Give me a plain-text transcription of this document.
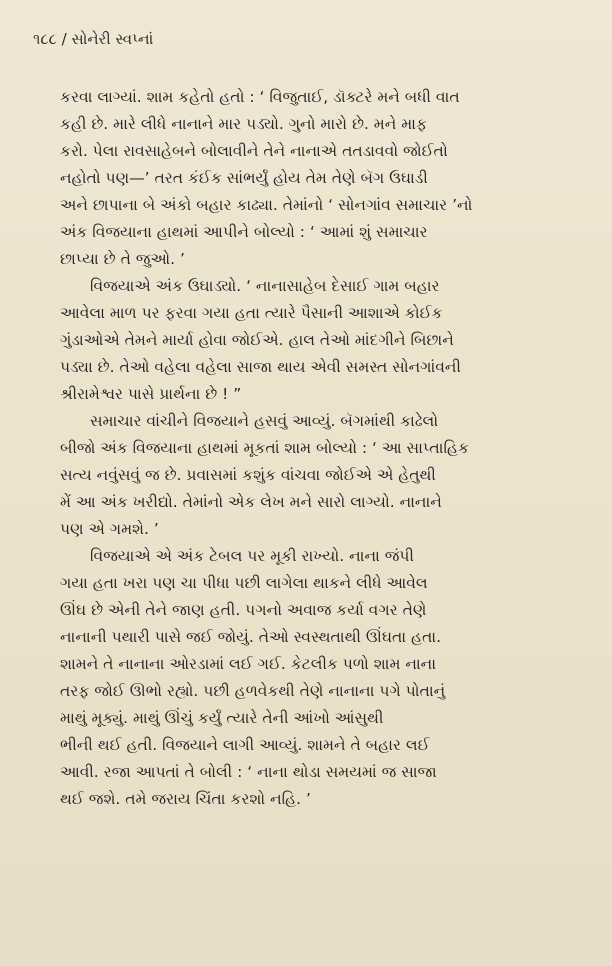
૧૮૮ / સોનેરી સ્વપ્નાં
કરવા લાગ્યાં. શામ કહેતો હતો : ‘ વિજુતાઈ, ડૉક્ટરે મને બધી વાત
કહી છે. મારે લીધે નાનાને માર પડ્યો. ગુનો મારો છે. મને માફ
કરો. પેલા રાવસાહેબને બોલાવીને તેને નાનાએ તતડાવવો જોઈતો
નહોતો પણ—’ તરત કંઈક સાંભર્યું હોય તેમ તેણે બૅગ ઉઘાડી
અને છાપાના બે અંકો બહાર કાઢ્યા. તેમાંનો ‘ સોનગાંવ સમાચાર ’નો
અંક વિજયાના હાથમાં આપીને બોલ્યો : ‘ આમાં શું સમાચાર
છાપ્યા છે તે જુઓ. ’
વિજયાએ અંક ઉઘાડ્યો. ‘ નાનાસાહેબ દેસાઈ ગામ બહાર
આવેલા માળ પર ફરવા ગયા હતા ત્યારે પૈસાની આશાએ કોઈક
ગુંડાઓએ તેમને માર્યા હોવા જોઈએ. હાલ તેઓ માંદગીને બિછાને
પડ્યા છે. તેઓ વહેલા વહેલા સાજા થાય એવી સમસ્ત સોનગાંવની
શ્રીરામેશ્વર પાસે પ્રાર્થના છે ! ”
સમાચાર વાંચીને વિજયાને હસવું આવ્યું. બૅગમાંથી કાઢેલો
બીજો અંક વિજયાના હાથમાં મૂકતાં શામ બોલ્યો : ‘ આ સાપ્તાહિક
સત્ય નવુંસવું જ છે. પ્રવાસમાં કશુંક વાંચવા જોઈએ એ હેતુથી
મેં આ અંક ખરીદ્યો. તેમાંનો એક લેખ મને સારો લાગ્યો. નાનાને
પણ એ ગમશે. ’
વિજયાએ એ અંક ટેબલ પર મૂકી રાખ્યો. નાના જંપી
ગયા હતા ખરા પણ ચા પીધા પછી લાગેલા થાકને લીધે આવેલ
ઊંઘ છે એની તેને જાણ હતી. પગનો અવાજ કર્યા વગર તેણે
નાનાની પથારી પાસે જઈ જોયું. તેઓ સ્વસ્થતાથી ઊંઘતા હતા.
શામને તે નાનાના ઓરડામાં લઈ ગઈ. કેટલીક પળો શામ નાના
તરફ જોઈ ઊભો રહ્યો. પછી હળવેકથી તેણે નાનાના પગે પોતાનું
માથું મૂક્યું. માથું ઊંચું કર્યું ત્યારે તેની આંખો આંસુથી
ભીની થઈ હતી. વિજયાને લાગી આવ્યું. શામને તે બહાર લઈ
આવી. રજા આપતાં તે બોલી : ‘ નાના થોડા સમયમાં જ સાજા
થઈ જશે. તમે જરાય ચિંતા કરશો નહિ. ’
